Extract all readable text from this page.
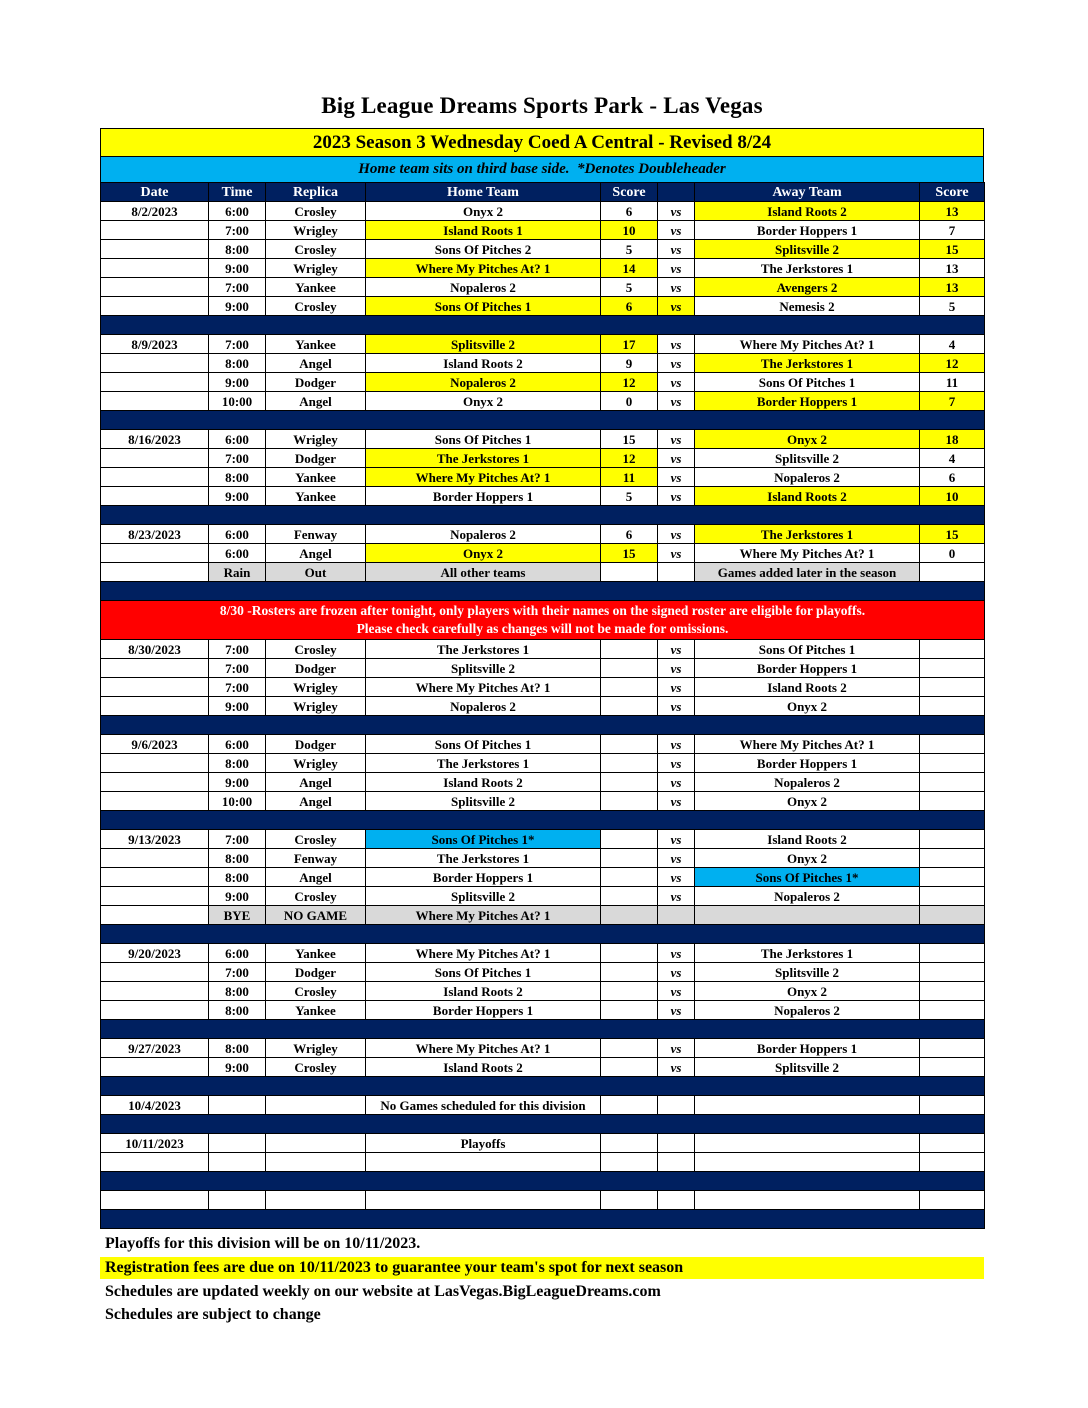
Big League Dreams Sports Park - Las Vegas
2023 Season 3 Wednesday Coed A Central - Revised 8/24
Home team sits on third base side.  *Denotes Doubleheader
Date	Time	Replica	Home Team	Score		Away Team	Score
8/2/2023	6:00	Crosley	Onyx 2	6	vs	Island Roots 2	13
	7:00	Wrigley	Island Roots 1	10	vs	Border Hoppers 1	7
	8:00	Crosley	Sons Of Pitches 2	5	vs	Splitsville 2	15
	9:00	Wrigley	Where My Pitches At? 1	14	vs	The Jerkstores 1	13
	7:00	Yankee	Nopaleros 2	5	vs	Avengers 2	13
	9:00	Crosley	Sons Of Pitches 1	6	vs	Nemesis 2	5

8/9/2023	7:00	Yankee	Splitsville 2	17	vs	Where My Pitches At? 1	4
	8:00	Angel	Island Roots 2	9	vs	The Jerkstores 1	12
	9:00	Dodger	Nopaleros 2	12	vs	Sons Of Pitches 1	11
	10:00	Angel	Onyx 2	0	vs	Border Hoppers 1	7

8/16/2023	6:00	Wrigley	Sons Of Pitches 1	15	vs	Onyx 2	18
	7:00	Dodger	The Jerkstores 1	12	vs	Splitsville 2	4
	8:00	Yankee	Where My Pitches At? 1	11	vs	Nopaleros 2	6
	9:00	Yankee	Border Hoppers 1	5	vs	Island Roots 2	10

8/23/2023	6:00	Fenway	Nopaleros 2	6	vs	The Jerkstores 1	15
	6:00	Angel	Onyx 2	15	vs	Where My Pitches At? 1	0
	Rain	Out	All other teams			Games added later in the season	

8/30 -Rosters are frozen after tonight, only players with their names on the signed roster are eligible for playoffs.
Please check carefully as changes will not be made for omissions.							

8/30/2023	7:00	Crosley	The Jerkstores 1		vs	Sons Of Pitches 1	
	7:00	Dodger	Splitsville 2		vs	Border Hoppers 1	
	7:00	Wrigley	Where My Pitches At? 1		vs	Island Roots 2	
	9:00	Wrigley	Nopaleros 2		vs	Onyx 2	

9/6/2023	6:00	Dodger	Sons Of Pitches 1		vs	Where My Pitches At? 1	
	8:00	Wrigley	The Jerkstores 1		vs	Border Hoppers 1	
	9:00	Angel	Island Roots 2		vs	Nopaleros 2	
	10:00	Angel	Splitsville 2		vs	Onyx 2	

9/13/2023	7:00	Crosley	Sons Of Pitches 1*		vs	Island Roots 2	
	8:00	Fenway	The Jerkstores 1		vs	Onyx 2	
	8:00	Angel	Border Hoppers 1		vs	Sons Of Pitches 1*	
	9:00	Crosley	Splitsville 2		vs	Nopaleros 2	
	BYE	NO GAME	Where My Pitches At? 1				

9/20/2023	6:00	Yankee	Where My Pitches At? 1		vs	The Jerkstores 1	
	7:00	Dodger	Sons Of Pitches 1		vs	Splitsville 2	
	8:00	Crosley	Island Roots 2		vs	Onyx 2	
	8:00	Yankee	Border Hoppers 1		vs	Nopaleros 2	

9/27/2023	8:00	Wrigley	Where My Pitches At? 1		vs	Border Hoppers 1	
	9:00	Crosley	Island Roots 2		vs	Splitsville 2	

10/4/2023			No Games scheduled for this division				

10/11/2023			Playoffs				

Playoffs for this division will be on 10/11/2023.
Registration fees are due on 10/11/2023 to guarantee your team's spot for next season
Schedules are updated weekly on our website at LasVegas.BigLeagueDreams.com
Schedules are subject to change
